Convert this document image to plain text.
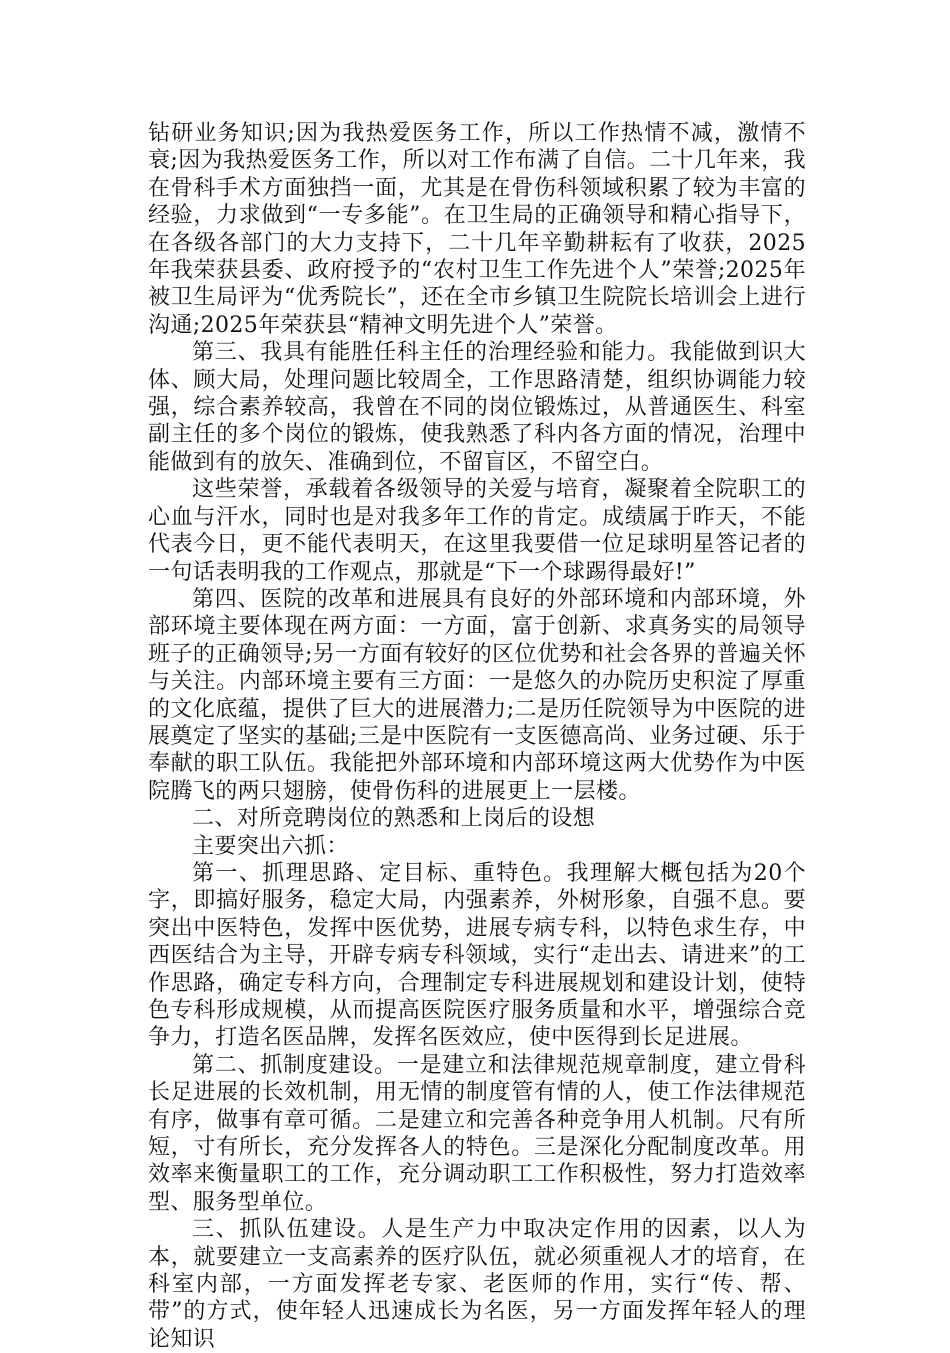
钻研业务知识;因为我热爱医务工作，所以工作热情不减，激情不衰;因为我热爱医务工作，所以对工作布满了自信。二十几年来，我在骨科手术方面独挡一面，尤其是在骨伤科领域积累了较为丰富的经验，力求做到“一专多能”。在卫生局的正确领导和精心指导下，在各级各部门的大力支持下，二十几年辛勤耕耘有了收获，2025年我荣获县委、政府授予的“农村卫生工作先进个人”荣誉;2025年被卫生局评为“优秀院长”，还在全市乡镇卫生院院长培训会上进行沟通;2025年荣获县“精神文明先进个人”荣誉。

第三、我具有能胜任科主任的治理经验和能力。我能做到识大体、顾大局，处理问题比较周全，工作思路清楚，组织协调能力较强，综合素养较高，我曾在不同的岗位锻炼过，从普通医生、科室副主任的多个岗位的锻炼，使我熟悉了科内各方面的情况，治理中能做到有的放矢、准确到位，不留盲区，不留空白。

这些荣誉，承载着各级领导的关爱与培育，凝聚着全院职工的心血与汗水，同时也是对我多年工作的肯定。成绩属于昨天，不能代表今日，更不能代表明天，在这里我要借一位足球明星答记者的一句话表明我的工作观点，那就是“下一个球踢得最好!”

第四、医院的改革和进展具有良好的外部环境和内部环境，外部环境主要体现在两方面：一方面，富于创新、求真务实的局领导班子的正确领导;另一方面有较好的区位优势和社会各界的普遍关怀与关注。内部环境主要有三方面：一是悠久的办院历史积淀了厚重的文化底蕴，提供了巨大的进展潜力;二是历任院领导为中医院的进展奠定了坚实的基础;三是中医院有一支医德高尚、业务过硬、乐于奉献的职工队伍。我能把外部环境和内部环境这两大优势作为中医院腾飞的两只翅膀，使骨伤科的进展更上一层楼。

二、对所竞聘岗位的熟悉和上岗后的设想

主要突出六抓：

第一、抓理思路、定目标、重特色。我理解大概包括为20个字，即搞好服务，稳定大局，内强素养，外树形象，自强不息。要突出中医特色，发挥中医优势，进展专病专科，以特色求生存，中西医结合为主导，开辟专病专科领域，实行“走出去、请进来”的工作思路，确定专科方向，合理制定专科进展规划和建设计划，使特色专科形成规模，从而提高医院医疗服务质量和水平，增强综合竞争力，打造名医品牌，发挥名医效应，使中医得到长足进展。

第二、抓制度建设。一是建立和法律规范规章制度，建立骨科长足进展的长效机制，用无情的制度管有情的人，使工作法律规范有序，做事有章可循。二是建立和完善各种竞争用人机制。尺有所短，寸有所长，充分发挥各人的特色。三是深化分配制度改革。用效率来衡量职工的工作，充分调动职工工作积极性，努力打造效率型、服务型单位。

三、抓队伍建设。人是生产力中取决定作用的因素，以人为本，就要建立一支高素养的医疗队伍，就必须重视人才的培育，在科室内部，一方面发挥老专家、老医师的作用，实行“传、帮、带”的方式，使年轻人迅速成长为名医，另一方面发挥年轻人的理论知识
